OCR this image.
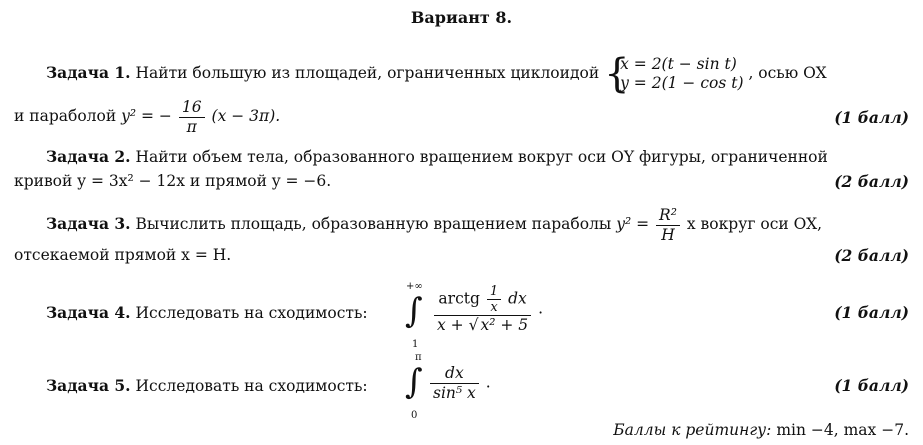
Вариант 8.
Задача 1. Найти большую из площадей, ограниченных циклоидой {
x = 2(t − sin t)
y = 2(1 − cos t)
, осью OX
и параболой y² = − $\frac{16}{\pi} (x - 3\pi)$.	(1 балл)
Задача 2. Найти объем тела, образованного вращением вокруг оси OY фигуры, ограниченной
кривой y = 3x² − 12x и прямой y = −6.	(2 балл)
Задача 3. Вычислить площадь, образованную вращением параболы $y^2 = \frac{\text{R²}}{H}$ x вокруг оси OX,
отсекаемой прямой x = H.	(2 балл)
Задача 4. Исследовать на сходимость:
+∞
∫
1
$\frac{arctg \frac{1}{x} dx}{\text{x + √ x² + 5}}$ .	(1 балл)
Задача 5. Исследовать на сходимость:
π
∫
0
$\frac{dx}{\text{sin⁵ x}}$ .	(1 балл)
Баллы к рейтингу: min −4, max −7.
